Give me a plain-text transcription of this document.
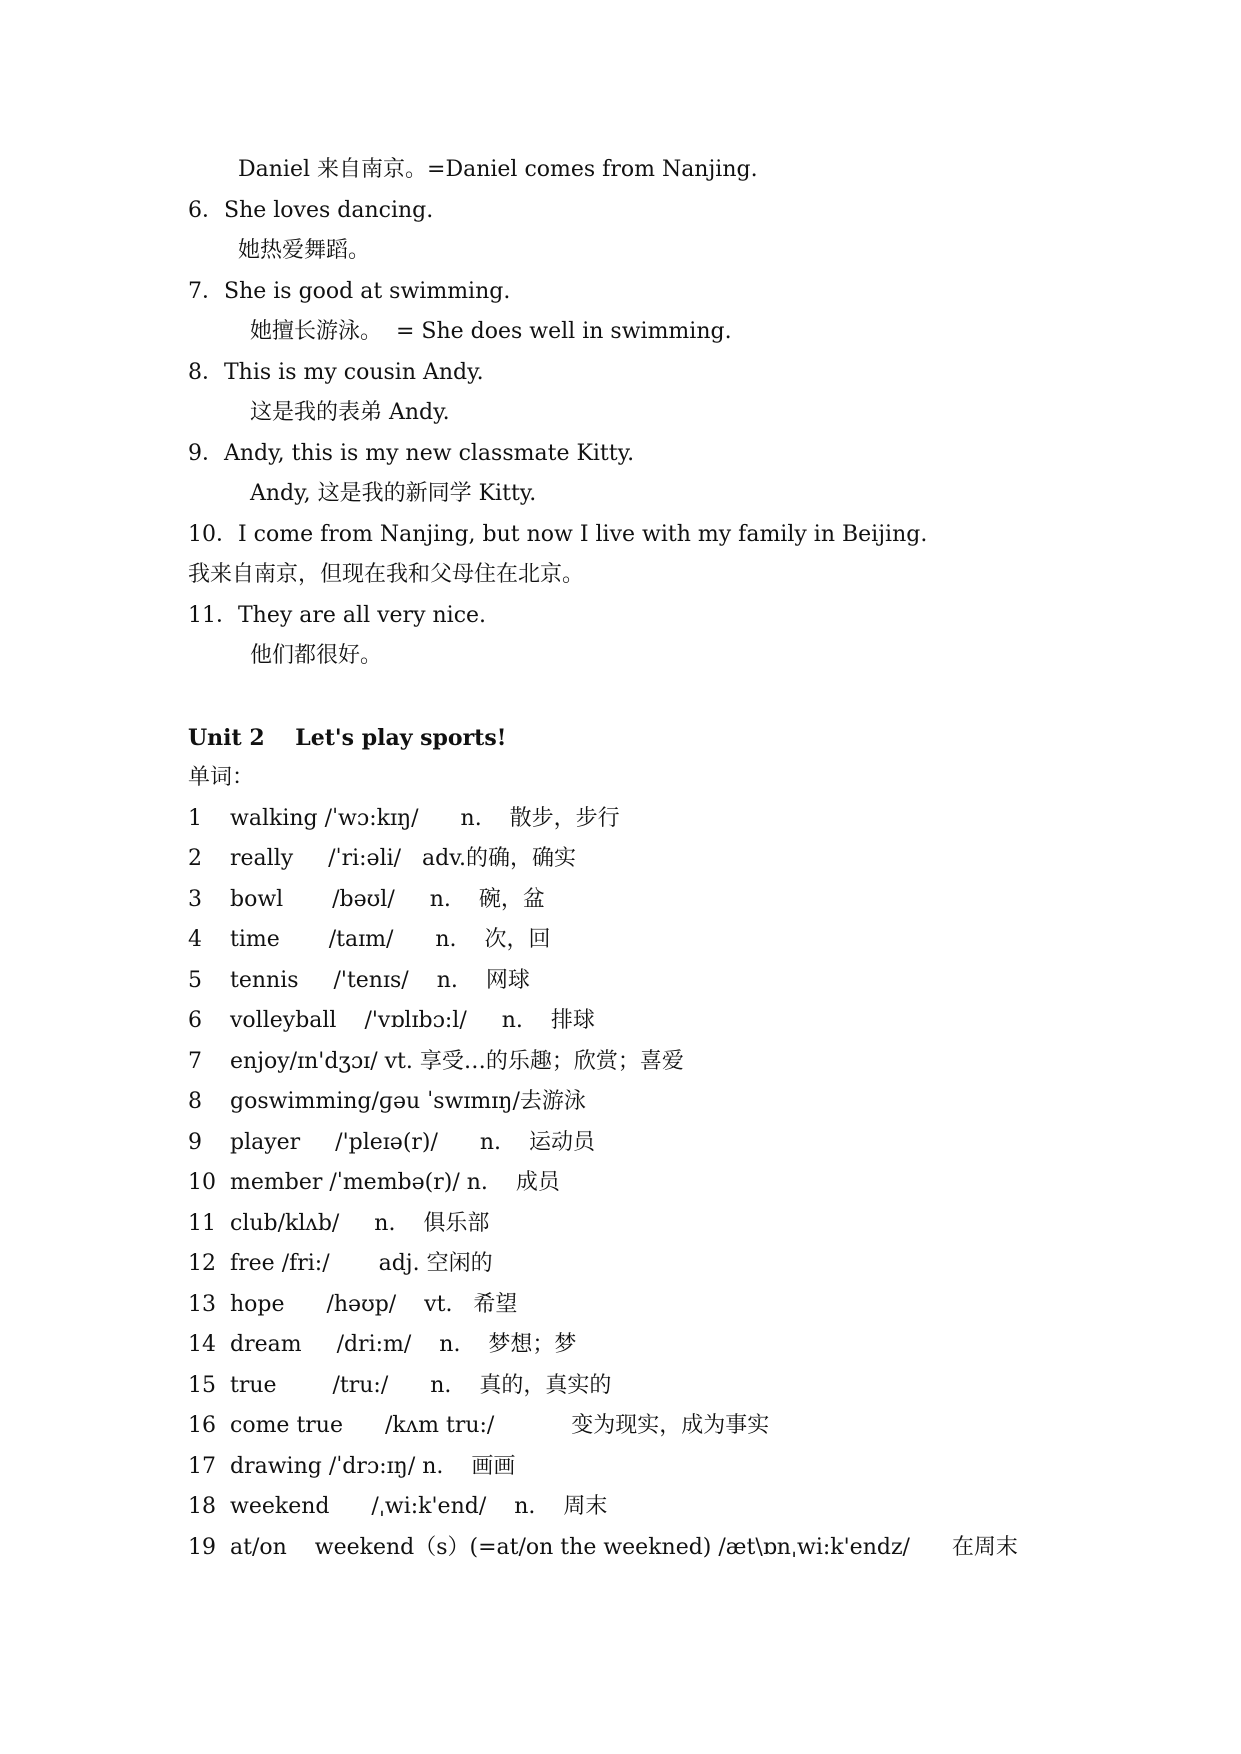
Daniel 来自南京。=Daniel comes from Nanjing.
6．She loves dancing.
她热爱舞蹈。
7．She is good at swimming.
她擅长游泳。  = She does well in swimming.
8．This is my cousin Andy.
这是我的表弟 Andy.
9．Andy, this is my new classmate Kitty.
Andy, 这是我的新同学 Kitty.
10．I come from Nanjing, but now I live with my family in Beijing.
我来自南京，但现在我和父母住在北京。
11．They are all very nice.
他们都很好。
Unit 2    Let's play sports!
单词：
1 walking /ˈwɔ:kɪŋ/      n.    散步，步行
2 really     /ˈri:əli/   adv.的确，确实
3 bowl       /bəʊl/     n.    碗，盆
4 time       /taɪm/      n.    次，回
5 tennis     /'tenɪs/    n.    网球
6 volleyball    /'vɒlɪbɔ:l/     n.    排球
7 enjoy/ɪn'dʒɔɪ/ vt. 享受…的乐趣；欣赏；喜爱
8 goswimming/ɡəu ˈswɪmɪŋ/去游泳
9 player     /'pleɪə(r)/      n.    运动员
10 member /ˈmembə(r)/ n.    成员
11 club/klʌb/     n.    俱乐部
12 free /fri:/       adj. 空闲的
13 hope      /həʊp/    vt.   希望
14 dream     /dri:m/    n.    梦想；梦
15 true        /tru:/      n.    真的，真实的
16 come true      /kʌm tru:/           变为现实，成为事实
17 drawing /ˈdrɔ:ɪŋ/ n.    画画
18 weekend      /ˌwi:k'end/    n.    周末
19 at/on    weekend（s）(=at/on the weekned) /æt\ɒnˌwi:k'endz/      在周末
